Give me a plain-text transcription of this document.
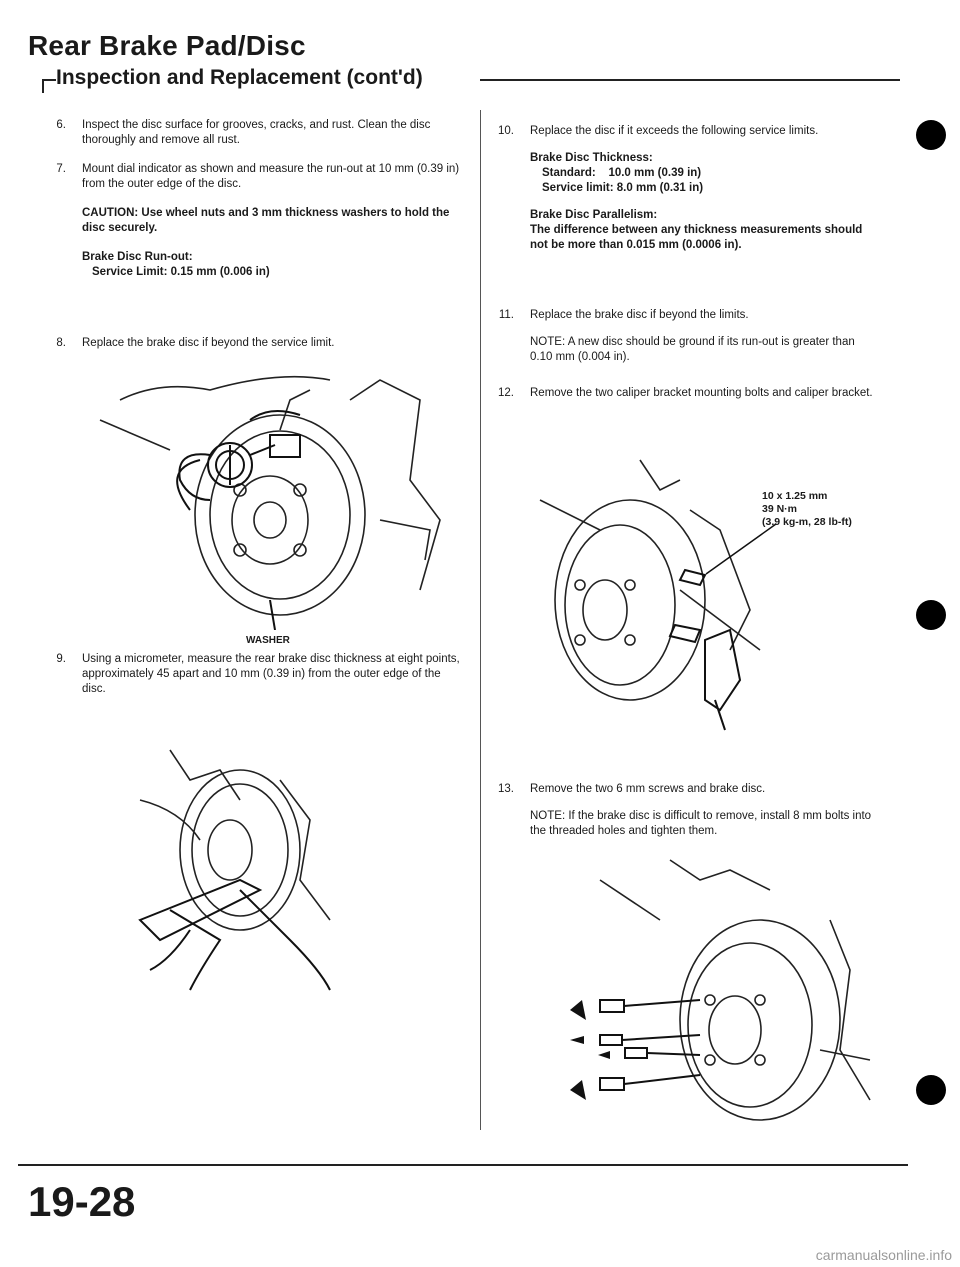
Rear Brake Pad/Disc
Inspection and Replacement (cont'd)
6. Inspect the disc surface for grooves, cracks, and rust. Clean the disc thoroughly and remove all rust.
7. Mount dial indicator as shown and measure the run-out at 10 mm (0.39 in) from the outer edge of the disc.
CAUTION: Use wheel nuts and 3 mm thickness washers to hold the disc securely.
Brake Disc Run-out:
Service Limit: 0.15 mm (0.006 in)
8. Replace the brake disc if beyond the service limit.
WASHER
9. Using a micrometer, measure the rear brake disc thickness at eight points, approximately 45 apart and 10 mm (0.39 in) from the outer edge of the disc.
10. Replace the disc if it exceeds the following service limits.
Brake Disc Thickness:
Standard:    10.0 mm (0.39 in)
Service limit: 8.0 mm (0.31 in)
Brake Disc Parallelism:
The difference between any thickness measurements should not be more than 0.015 mm (0.0006 in).
11. Replace the brake disc if beyond the limits.
NOTE: A new disc should be ground if its run-out is greater than 0.10 mm (0.004 in).
12. Remove the two caliper bracket mounting bolts and caliper bracket.
10 x 1.25 mm
39 N·m
(3.9 kg-m, 28 lb-ft)
13. Remove the two 6 mm screws and brake disc.
NOTE: If the brake disc is difficult to remove, install 8 mm bolts into the threaded holes and tighten them.
19-28
carmanualsonline.info
